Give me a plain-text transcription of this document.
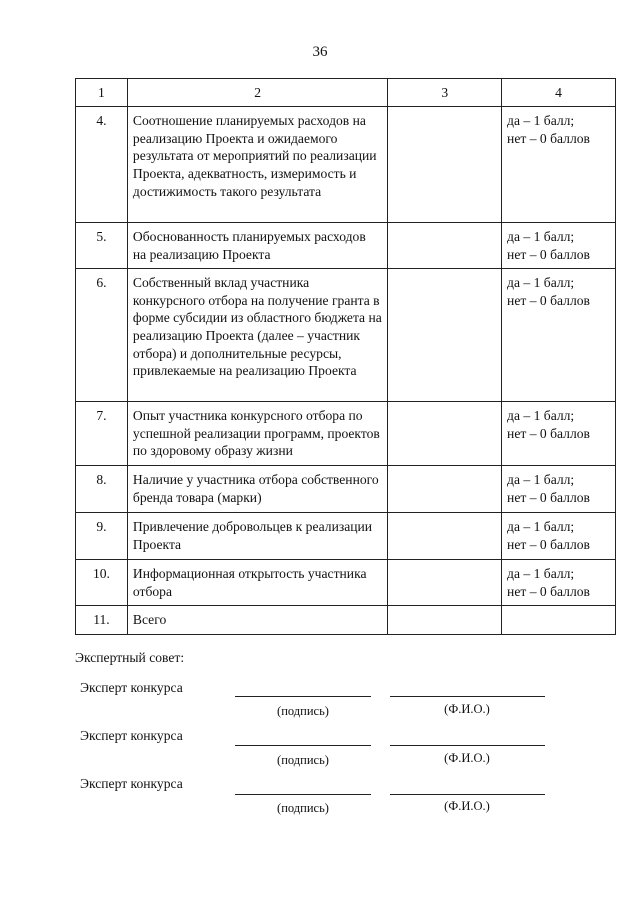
36
1	2	3	4
4.	Соотношение планируемых расходов на реализацию Проекта и ожидаемого результата от мероприятий по реализации Проекта, адекватность, измеримость и достижимость такого результата		да – 1 балл;
нет – 0 баллов

5.	Обоснованность планируемых расходов на реализацию Проекта		да – 1 балл;
нет – 0 баллов

6.	Собственный вклад участника конкурсного отбора на получение гранта в форме субсидии из областного бюджета на реализацию Проекта (далее – участник отбора) и дополнительные ресурсы, привлекаемые на реализацию Проекта		да – 1 балл;
нет – 0 баллов

7.	Опыт участника конкурсного отбора по успешной реализации программ, проектов по здоровому образу жизни		да – 1 балл;
нет – 0 баллов

8.	Наличие у участника отбора собственного бренда товара (марки)		да – 1 балл;
нет – 0 баллов

9.	Привлечение добровольцев к реализации Проекта		да – 1 балл;
нет – 0 баллов

10.	Информационная открытость участника отбора		да – 1 балл;
нет – 0 баллов

11.	Всего		
Экспертный совет:
Эксперт конкурса
(подпись)	(Ф.И.О.)
Эксперт конкурса
(подпись)	(Ф.И.О.)
Эксперт конкурса
(подпись)	(Ф.И.О.)
